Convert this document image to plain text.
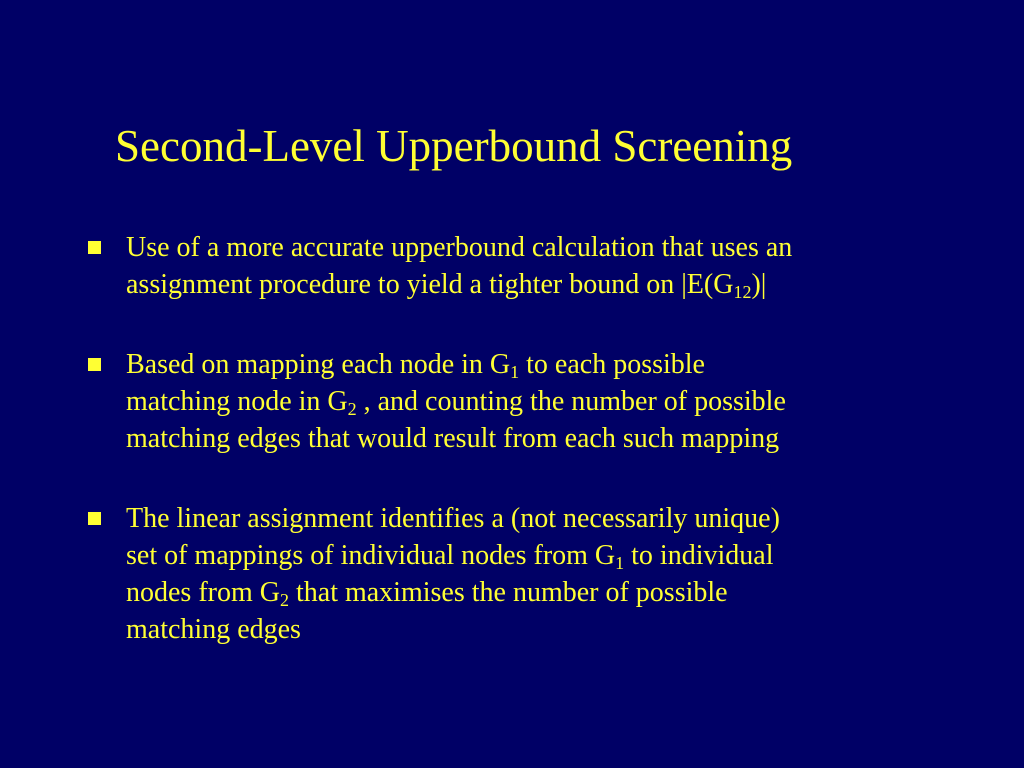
Second-Level Upperbound Screening
Use of a more accurate upperbound calculation that uses an
assignment procedure to yield a tighter bound on $|E(G_{12})|$
Based on mapping each node in $G_1$ to each possible
matching node in $G_2$ , and counting the number of possible
matching edges that would result from each such mapping
The linear assignment identifies a (not necessarily unique)
set of mappings of individual nodes from $G_1$ to individual
nodes from $G_2$ that maximises the number of possible
matching edges
